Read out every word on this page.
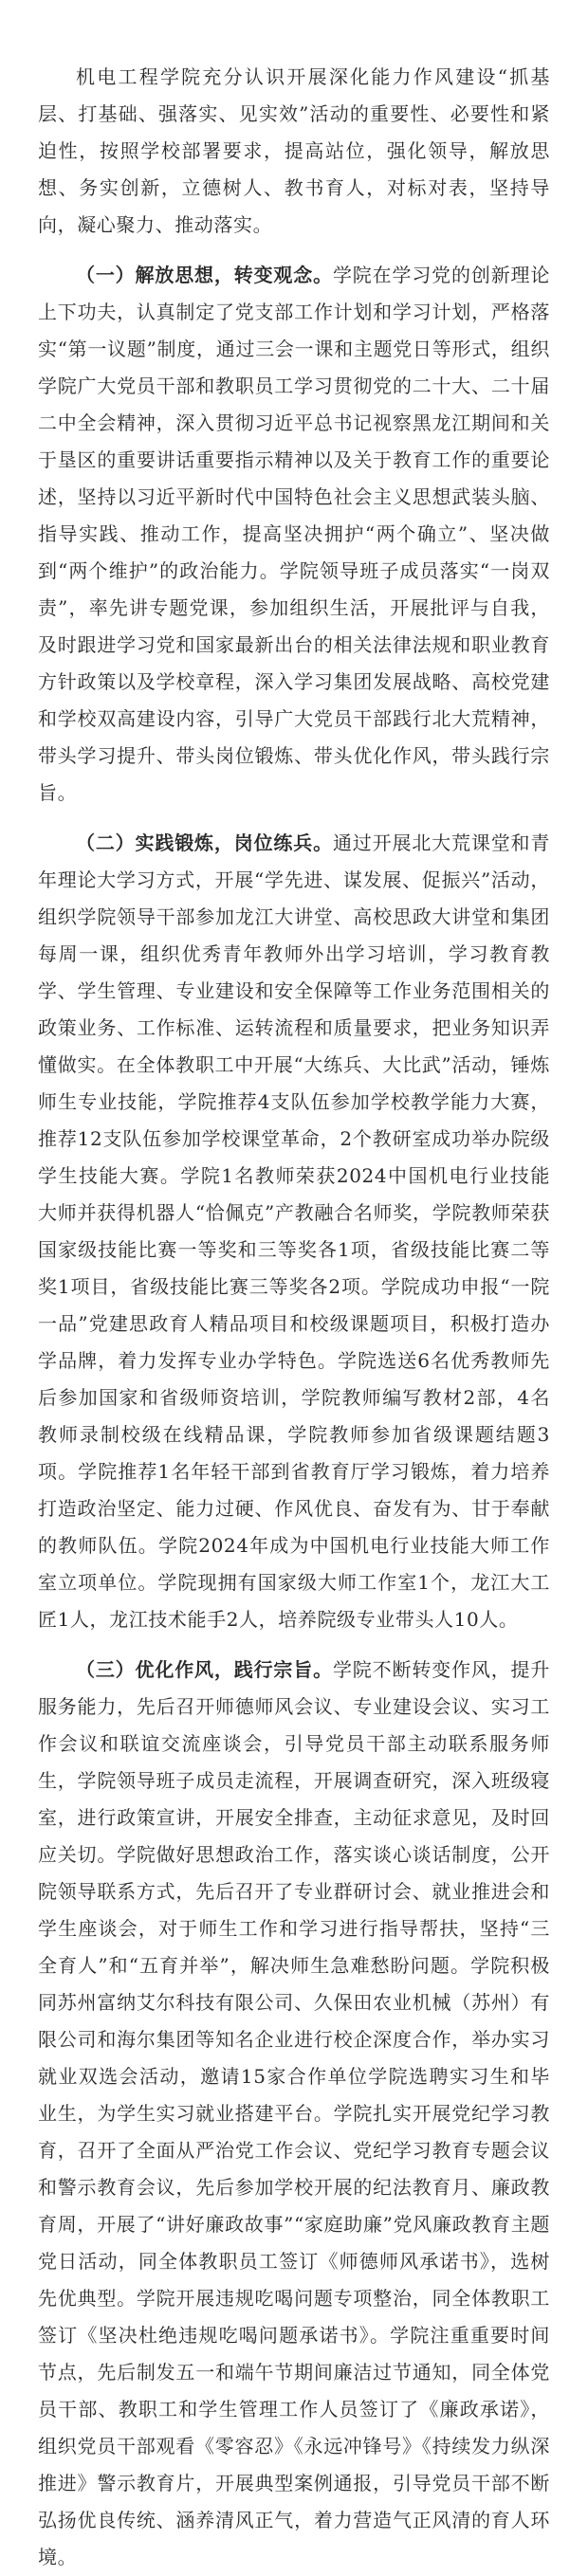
机电工程学院充分认识开展深化能力作风建设“抓基层、打基础、强落实、见实效”活动的重要性、必要性和紧迫性，按照学校部署要求，提高站位，强化领导，解放思想、务实创新，立德树人、教书育人，对标对表，坚持导向，凝心聚力、推动落实。

（一）解放思想，转变观念。学院在学习党的创新理论上下功夫，认真制定了党支部工作计划和学习计划，严格落实“第一议题”制度，通过三会一课和主题党日等形式，组织学院广大党员干部和教职员工学习贯彻党的二十大、二十届二中全会精神，深入贯彻习近平总书记视察黑龙江期间和关于垦区的重要讲话重要指示精神以及关于教育工作的重要论述，坚持以习近平新时代中国特色社会主义思想武装头脑、指导实践、推动工作，提高坚决拥护“两个确立”、坚决做到“两个维护”的政治能力。学院领导班子成员落实“一岗双责”，率先讲专题党课，参加组织生活，开展批评与自我，及时跟进学习党和国家最新出台的相关法律法规和职业教育方针政策以及学校章程，深入学习集团发展战略、高校党建和学校双高建设内容，引导广大党员干部践行北大荒精神，带头学习提升、带头岗位锻炼、带头优化作风，带头践行宗旨。

（二）实践锻炼，岗位练兵。通过开展北大荒课堂和青年理论大学习方式，开展“学先进、谋发展、促振兴”活动，组织学院领导干部参加龙江大讲堂、高校思政大讲堂和集团每周一课，组织优秀青年教师外出学习培训，学习教育教学、学生管理、专业建设和安全保障等工作业务范围相关的政策业务、工作标准、运转流程和质量要求，把业务知识弄懂做实。在全体教职工中开展“大练兵、大比武”活动，锤炼师生专业技能，学院推荐4支队伍参加学校教学能力大赛，推荐12支队伍参加学校课堂革命，2个教研室成功举办院级学生技能大赛。学院1名教师荣获2024中国机电行业技能大师并获得机器人“恰佩克”产教融合名师奖，学院教师荣获国家级技能比赛一等奖和三等奖各1项，省级技能比赛二等奖1项目，省级技能比赛三等奖各2项。学院成功申报“一院一品”党建思政育人精品项目和校级课题项目，积极打造办学品牌，着力发挥专业办学特色。学院选送6名优秀教师先后参加国家和省级师资培训，学院教师编写教材2部，4名教师录制校级在线精品课，学院教师参加省级课题结题3项。学院推荐1名年轻干部到省教育厅学习锻炼，着力培养打造政治坚定、能力过硬、作风优良、奋发有为、甘于奉献的教师队伍。学院2024年成为中国机电行业技能大师工作室立项单位。学院现拥有国家级大师工作室1个，龙江大工匠1人，龙江技术能手2人，培养院级专业带头人10人。

（三）优化作风，践行宗旨。学院不断转变作风，提升服务能力，先后召开师德师风会议、专业建设会议、实习工作会议和联谊交流座谈会，引导党员干部主动联系服务师生，学院领导班子成员走流程，开展调查研究，深入班级寝室，进行政策宣讲，开展安全排查，主动征求意见，及时回应关切。学院做好思想政治工作，落实谈心谈话制度，公开院领导联系方式，先后召开了专业群研讨会、就业推进会和学生座谈会，对于师生工作和学习进行指导帮扶，坚持“三全育人”和“五育并举”，解决师生急难愁盼问题。学院积极同苏州富纳艾尔科技有限公司、久保田农业机械（苏州）有限公司和海尔集团等知名企业进行校企深度合作，举办实习就业双选会活动，邀请15家合作单位学院选聘实习生和毕业生，为学生实习就业搭建平台。学院扎实开展党纪学习教育，召开了全面从严治党工作会议、党纪学习教育专题会议和警示教育会议，先后参加学校开展的纪法教育月、廉政教育周，开展了“讲好廉政故事”“家庭助廉”党风廉政教育主题党日活动，同全体教职员工签订《师德师风承诺书》，选树先优典型。学院开展违规吃喝问题专项整治，同全体教职工签订《坚决杜绝违规吃喝问题承诺书》。学院注重重要时间节点，先后制发五一和端午节期间廉洁过节通知，同全体党员干部、教职工和学生管理工作人员签订了《廉政承诺》，组织党员干部观看《零容忍》《永远冲锋号》《持续发力纵深推进》警示教育片，开展典型案例通报，引导党员干部不断弘扬优良传统、涵养清风正气，着力营造气正风清的育人环境。
